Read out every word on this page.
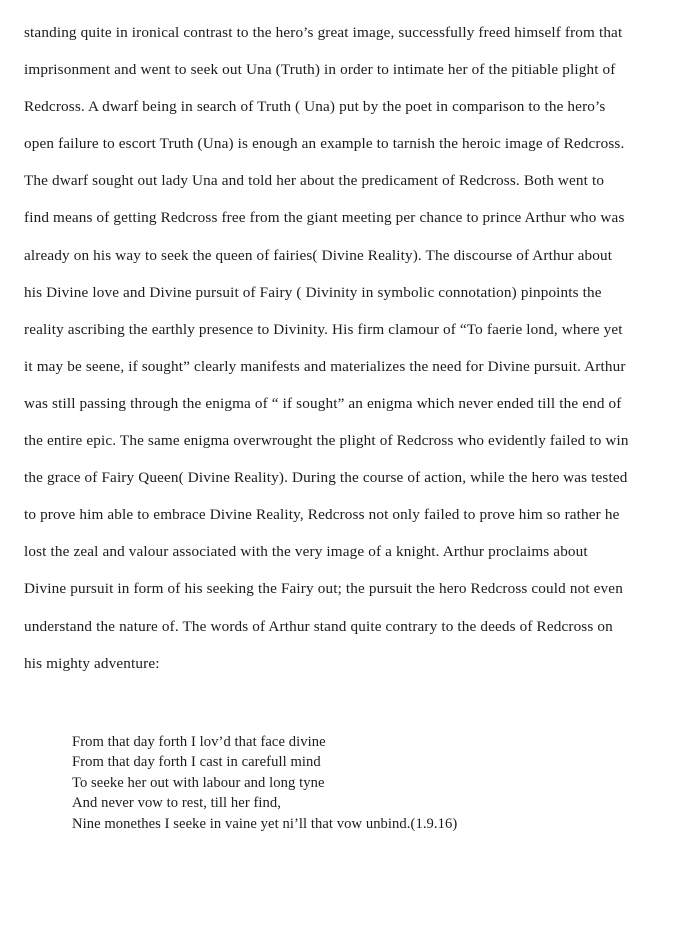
standing quite in ironical contrast to the hero’s great image, successfully freed himself from that
imprisonment and went to seek out Una (Truth) in order to intimate her of the pitiable plight of
Redcross. A dwarf being in search of Truth ( Una) put by the poet in comparison to the hero’s
open failure to escort Truth (Una) is enough an example to tarnish the heroic image of Redcross.
The dwarf sought out lady Una and told her about the predicament of Redcross. Both went to
find means of getting Redcross free from the giant meeting per chance to prince Arthur who was
already on his way to seek the queen of fairies( Divine Reality). The discourse of Arthur about
his Divine love and Divine pursuit of Fairy ( Divinity in symbolic connotation) pinpoints the
reality ascribing the earthly presence to Divinity. His firm clamour of “To faerie lond, where yet
it may be seene, if sought” clearly manifests and materializes the need for Divine pursuit. Arthur
was still passing through the enigma of “ if sought” an enigma which never ended till the end of
the entire epic. The same enigma overwrought the plight of Redcross who evidently failed to win
the grace of Fairy Queen( Divine Reality). During the course of action, while the hero was tested
to prove him able to embrace Divine Reality, Redcross not only failed to prove him so rather he
lost the zeal and valour associated with the very image of a knight. Arthur proclaims about
Divine pursuit in form of his seeking the Fairy out; the pursuit the hero Redcross could not even
understand the nature of. The words of Arthur stand quite contrary to the deeds of Redcross on
his mighty adventure:
From that day forth I lov’d that face divine
From that day forth I cast in carefull mind
To seeke her out with labour and long tyne
And never vow to rest, till her find,
Nine monethes I seeke in vaine yet ni’ll that vow unbind.(1.9.16)
